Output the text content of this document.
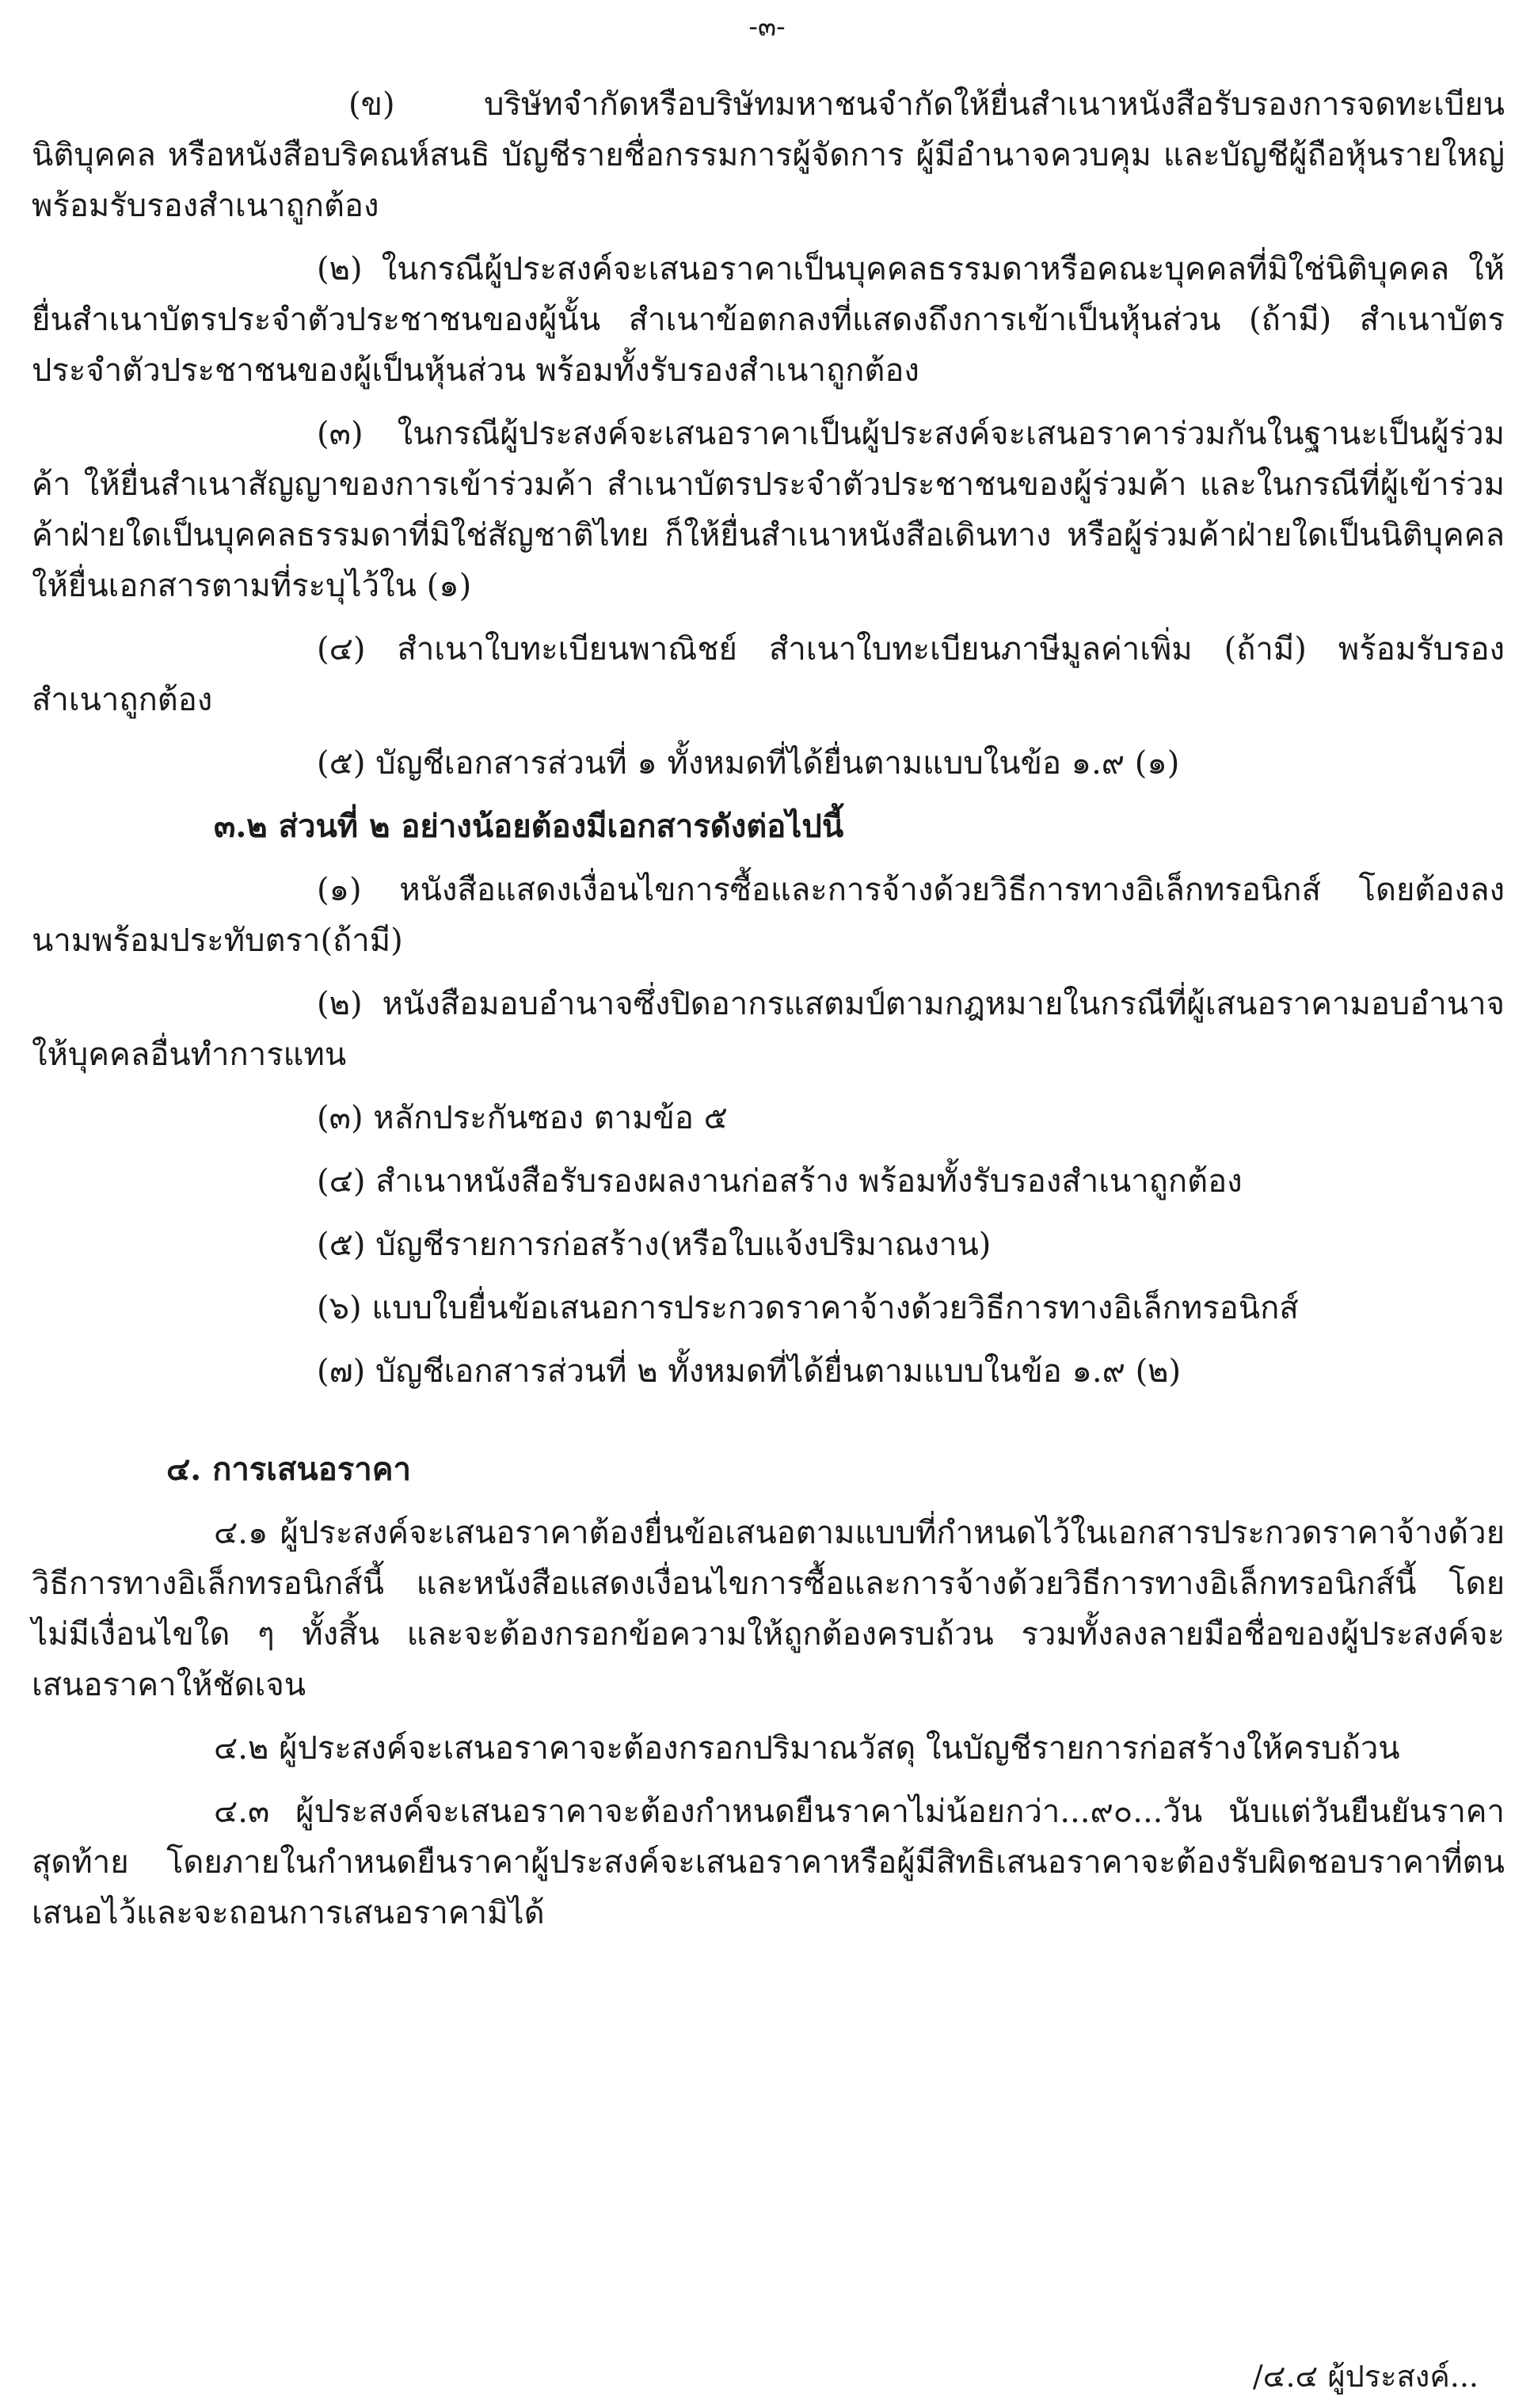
-๓-

(ข) บริษัทจำกัดหรือบริษัทมหาชนจำกัดให้ยื่นสำเนาหนังสือรับรองการจดทะเบียนนิติบุคคล หรือหนังสือบริคณห์สนธิ บัญชีรายชื่อกรรมการผู้จัดการ ผู้มีอำนาจควบคุม และบัญชีผู้ถือหุ้นรายใหญ่ พร้อมรับรองสำเนาถูกต้อง

(๒) ในกรณีผู้ประสงค์จะเสนอราคาเป็นบุคคลธรรมดาหรือคณะบุคคลที่มิใช่นิติบุคคล ให้ยื่นสำเนาบัตรประจำตัวประชาชนของผู้นั้น สำเนาข้อตกลงที่แสดงถึงการเข้าเป็นหุ้นส่วน (ถ้ามี) สำเนาบัตรประจำตัวประชาชนของผู้เป็นหุ้นส่วน พร้อมทั้งรับรองสำเนาถูกต้อง

(๓) ในกรณีผู้ประสงค์จะเสนอราคาเป็นผู้ประสงค์จะเสนอราคาร่วมกันในฐานะเป็นผู้ร่วมค้า ให้ยื่นสำเนาสัญญาของการเข้าร่วมค้า สำเนาบัตรประจำตัวประชาชนของผู้ร่วมค้า และในกรณีที่ผู้เข้าร่วมค้าฝ่ายใดเป็นบุคคลธรรมดาที่มิใช่สัญชาติไทย ก็ให้ยื่นสำเนาหนังสือเดินทาง หรือผู้ร่วมค้าฝ่ายใดเป็นนิติบุคคล ให้ยื่นเอกสารตามที่ระบุไว้ใน (๑)

(๔) สำเนาใบทะเบียนพาณิชย์ สำเนาใบทะเบียนภาษีมูลค่าเพิ่ม (ถ้ามี) พร้อมรับรองสำเนาถูกต้อง

(๕) บัญชีเอกสารส่วนที่ ๑ ทั้งหมดที่ได้ยื่นตามแบบในข้อ ๑.๙ (๑)

๓.๒ ส่วนที่ ๒ อย่างน้อยต้องมีเอกสารดังต่อไปนี้

(๑) หนังสือแสดงเงื่อนไขการซื้อและการจ้างด้วยวิธีการทางอิเล็กทรอนิกส์ โดยต้องลงนามพร้อมประทับตรา(ถ้ามี)

(๒) หนังสือมอบอำนาจซึ่งปิดอากรแสตมป์ตามกฎหมายในกรณีที่ผู้เสนอราคามอบอำนาจให้บุคคลอื่นทำการแทน

(๓) หลักประกันซอง ตามข้อ ๕

(๔) สำเนาหนังสือรับรองผลงานก่อสร้าง พร้อมทั้งรับรองสำเนาถูกต้อง

(๕) บัญชีรายการก่อสร้าง(หรือใบแจ้งปริมาณงาน)

(๖) แบบใบยื่นข้อเสนอการประกวดราคาจ้างด้วยวิธีการทางอิเล็กทรอนิกส์

(๗) บัญชีเอกสารส่วนที่ ๒ ทั้งหมดที่ได้ยื่นตามแบบในข้อ ๑.๙ (๒)

๔. การเสนอราคา

๔.๑ ผู้ประสงค์จะเสนอราคาต้องยื่นข้อเสนอตามแบบที่กำหนดไว้ในเอกสารประกวดราคาจ้างด้วยวิธีการทางอิเล็กทรอนิกส์นี้ และหนังสือแสดงเงื่อนไขการซื้อและการจ้างด้วยวิธีการทางอิเล็กทรอนิกส์นี้ โดยไม่มีเงื่อนไขใด ๆ ทั้งสิ้น และจะต้องกรอกข้อความให้ถูกต้องครบถ้วน รวมทั้งลงลายมือชื่อของผู้ประสงค์จะเสนอราคาให้ชัดเจน

๔.๒ ผู้ประสงค์จะเสนอราคาจะต้องกรอกปริมาณวัสดุ ในบัญชีรายการก่อสร้างให้ครบถ้วน

๔.๓ ผู้ประสงค์จะเสนอราคาจะต้องกำหนดยืนราคาไม่น้อยกว่า...๙๐...วัน นับแต่วันยืนยันราคาสุดท้าย โดยภายในกำหนดยืนราคาผู้ประสงค์จะเสนอราคาหรือผู้มีสิทธิเสนอราคาจะต้องรับผิดชอบราคาที่ตนเสนอไว้และจะถอนการเสนอราคามิได้

/๔.๔ ผู้ประสงค์...
